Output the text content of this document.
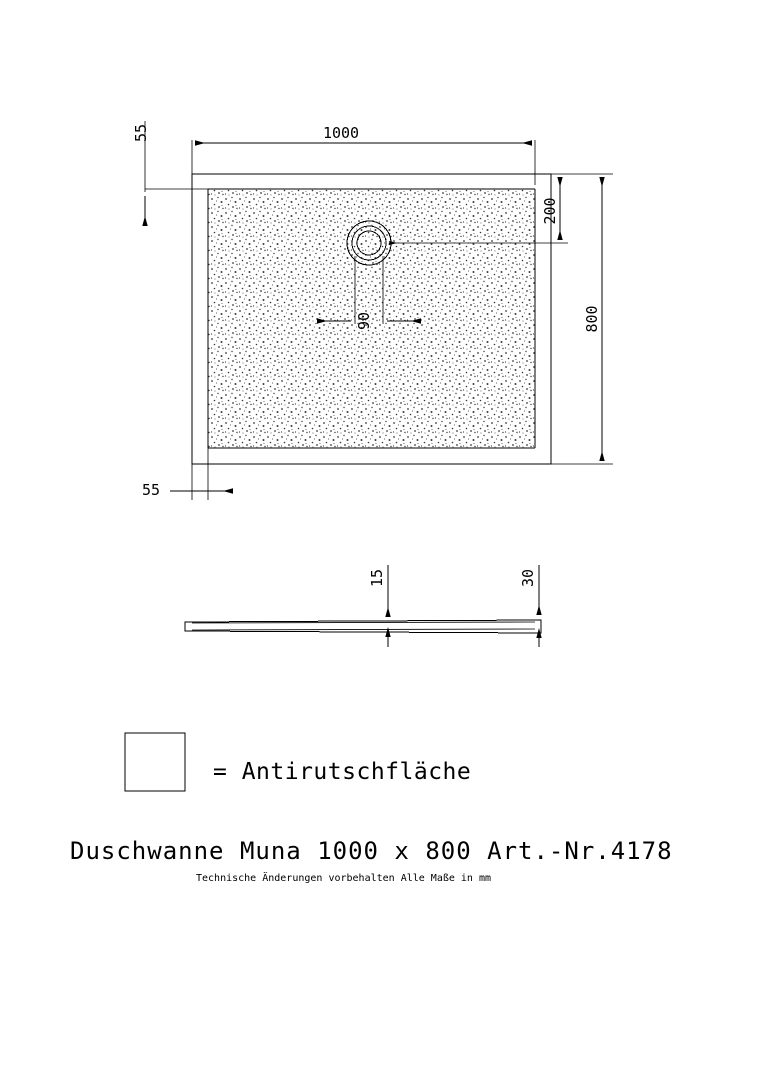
1000
800
200
90
55
55
15	30
= Antirutschfläche
Duschwanne Muna 1000 x 800 Art.-Nr.4178
Technische Änderungen vorbehalten Alle Maße in mm
